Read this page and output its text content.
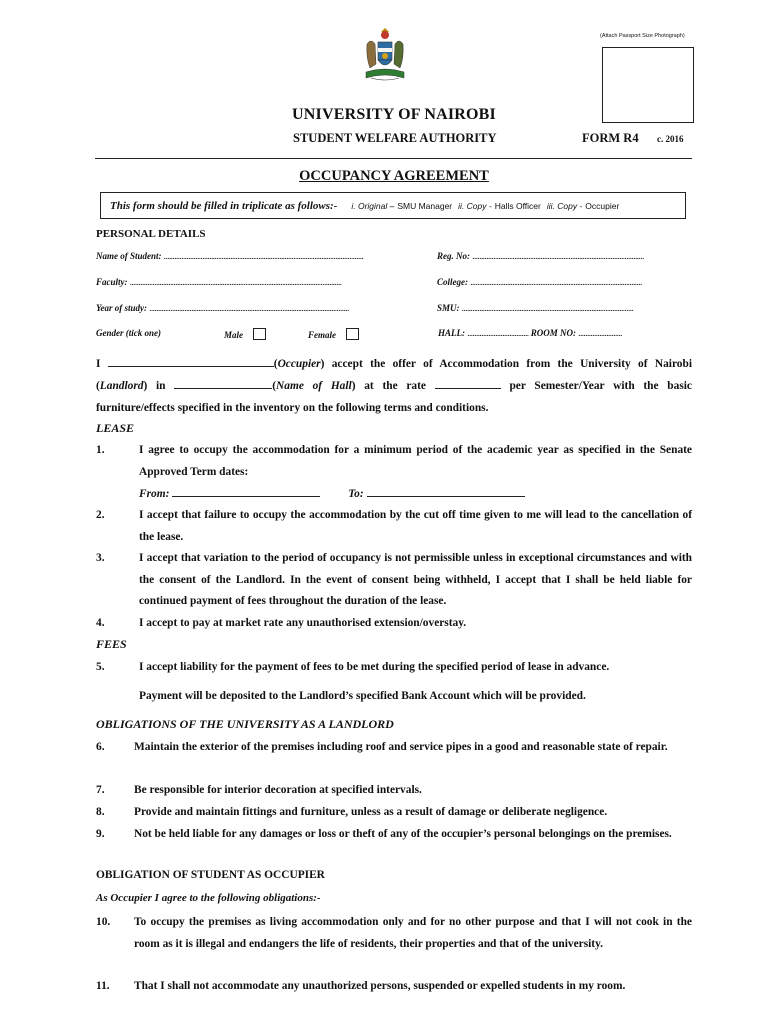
(Attach Passport Size Photograph)
UNIVERSITY OF NAIROBI
STUDENT WELFARE AUTHORITY	FORM R4 c. 2016
OCCUPANCY AGREEMENT
This form should be filled in triplicate as follows:- i. Original – SMU Manager ii. Copy - Halls Officer iii. Copy - Occupier
PERSONAL DETAILS
Name of Student: ..................................................................................................................	Reg. No: ..................................................................................................
Faculty: .........................................................................................................................	College: ..................................................................................................
Year of study: ..................................................................................................................	SMU: ..................................................................................................
Gender (tick one)	Male	Female	HALL: ................................... ROOM NO: .........................
I	(Occupier) accept the offer of Accommodation from the University of Nairobi (Landlord) in	(Name of Hall) at the rate	per Semester/Year with the basic furniture/effects specified in the inventory on the following terms and conditions.
LEASE
1.	I agree to occupy the accommodation for a minimum period of the academic year as specified in the Senate Approved Term dates:
From:	To:
2.	I accept that failure to occupy the accommodation by the cut off time given to me will lead to the cancellation of the lease.
3.	I accept that variation to the period of occupancy is not permissible unless in exceptional circumstances and with the consent of the Landlord. In the event of consent being withheld, I accept that I shall be held liable for continued payment of fees throughout the duration of the lease.
4.	I accept to pay at market rate any unauthorised extension/overstay.
FEES
5.	I accept liability for the payment of fees to be met during the specified period of lease in advance.
Payment will be deposited to the Landlord’s specified Bank Account which will be provided.
OBLIGATIONS OF THE UNIVERSITY AS A LANDLORD
6.	Maintain the exterior of the premises including roof and service pipes in a good and reasonable state of repair.
7.	Be responsible for interior decoration at specified intervals.
8.	Provide and maintain fittings and furniture, unless as a result of damage or deliberate negligence.
9.	Not be held liable for any damages or loss or theft of any of the occupier’s personal belongings on the premises.
OBLIGATION OF STUDENT AS OCCUPIER
As Occupier I agree to the following obligations:-
10. To occupy the premises as living accommodation only and for no other purpose and that I will not cook in the room as it is illegal and endangers the life of residents, their properties and that of the university.
11. That I shall not accommodate any unauthorized persons, suspended or expelled students in my room.
